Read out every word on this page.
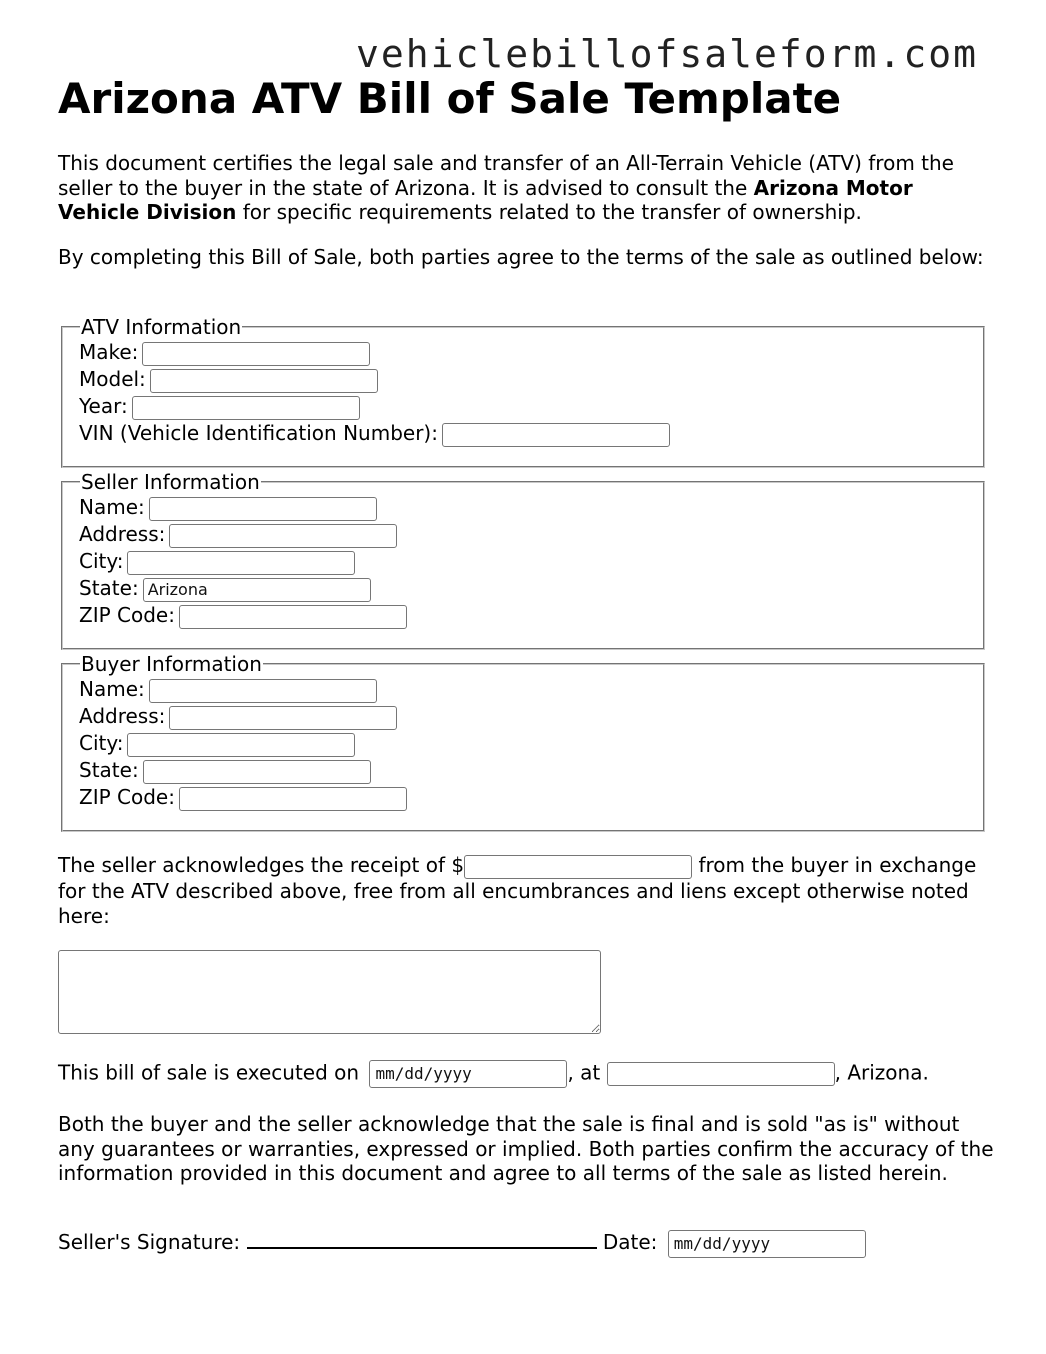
vehiclebillofsaleform.com
Arizona ATV Bill of Sale Template

This document certifies the legal sale and transfer of an All-Terrain Vehicle (ATV) from the seller to the buyer in the state of Arizona. It is advised to consult the Arizona Motor Vehicle Division for specific requirements related to the transfer of ownership.

By completing this Bill of Sale, both parties agree to the terms of the sale as outlined below:

ATV Information
Make:
Model:
Year:
VIN (Vehicle Identification Number):
Seller Information
Name:
Address:
City:
State:Arizona
ZIP Code:
Buyer Information
Name:
Address:
City:
State:
ZIP Code:

The seller acknowledges the receipt of $	from the buyer in exchange for the ATV described above, free from all encumbrances and liens except otherwise noted here:

This bill of sale is executed on mm/dd/yyyy	, at	, Arizona.

Both the buyer and the seller acknowledge that the sale is final and is sold "as is" without any guarantees or warranties, expressed or implied. Both parties confirm the accuracy of the information provided in this document and agree to all terms of the sale as listed herein.

Seller's Signature:	Date: mm/dd/yyyy
